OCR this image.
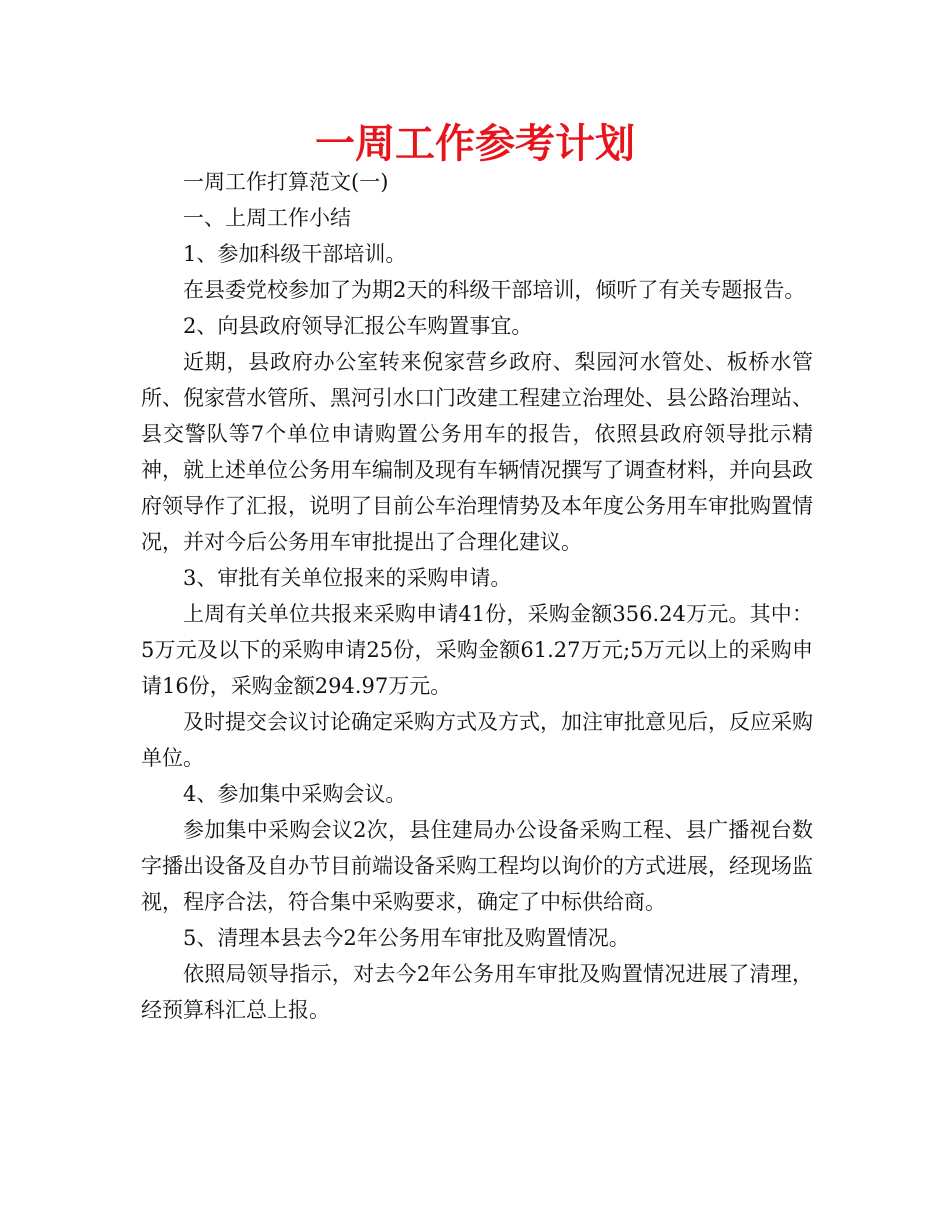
一周工作参考计划

一周工作打算范文(一)

一、上周工作小结

1、参加科级干部培训。

在县委党校参加了为期2天的科级干部培训，倾听了有关专题报告。

2、向县政府领导汇报公车购置事宜。

近期，县政府办公室转来倪家营乡政府、梨园河水管处、板桥水管所、倪家营水管所、黑河引水口门改建工程建立治理处、县公路治理站、县交警队等7个单位申请购置公务用车的报告，依照县政府领导批示精神，就上述单位公务用车编制及现有车辆情况撰写了调查材料，并向县政府领导作了汇报，说明了目前公车治理情势及本年度公务用车审批购置情况，并对今后公务用车审批提出了合理化建议。

3、审批有关单位报来的采购申请。

上周有关单位共报来采购申请41份，采购金额356.24万元。其中：5万元及以下的采购申请25份，采购金额61.27万元;5万元以上的采购申请16份，采购金额294.97万元。

及时提交会议讨论确定采购方式及方式，加注审批意见后，反应采购单位。

4、参加集中采购会议。

参加集中采购会议2次，县住建局办公设备采购工程、县广播视台数字播出设备及自办节目前端设备采购工程均以询价的方式进展，经现场监视，程序合法，符合集中采购要求，确定了中标供给商。

5、清理本县去今2年公务用车审批及购置情况。

依照局领导指示，对去今2年公务用车审批及购置情况进展了清理，经预算科汇总上报。
